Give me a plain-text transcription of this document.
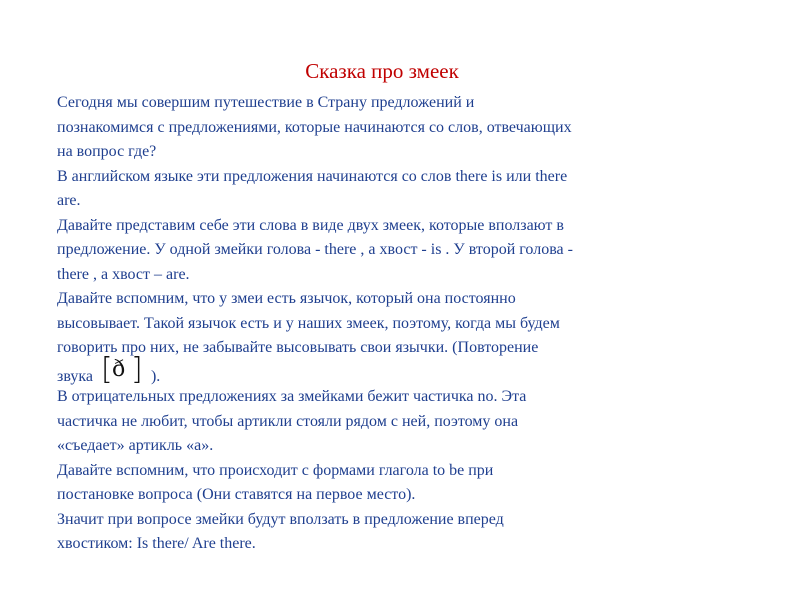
Сказка про змеек
Сегодня мы совершим путешествие в Страну предложений и
познакомимся с предложениями, которые начинаются со слов, отвечающих
на вопрос где?
В английском языке эти предложения начинаются со слов there is или there
are.
Давайте представим себе эти слова в виде двух змеек, которые вползают в
предложение. У одной змейки голова - there , а хвост - is . У второй голова -
there , а хвост – are.
Давайте вспомним, что у змеи есть язычок, который она постоянно
высовывает. Такой язычок есть и у наших змеек, поэтому, когда мы будем
говорить про них, не забывайте высовывать свои язычки. (Повторение
звука [ ð ] ).
В отрицательных предложениях за змейками бежит частичка no. Эта
частичка не любит, чтобы артикли стояли рядом с ней, поэтому она
«съедает» артикль «a».
Давайте вспомним, что происходит с формами глагола to be при
постановке вопроса (Они ставятся на первое место).
Значит при вопросе змейки будут вползать в предложение вперед
хвостиком: Is there/ Are there.
